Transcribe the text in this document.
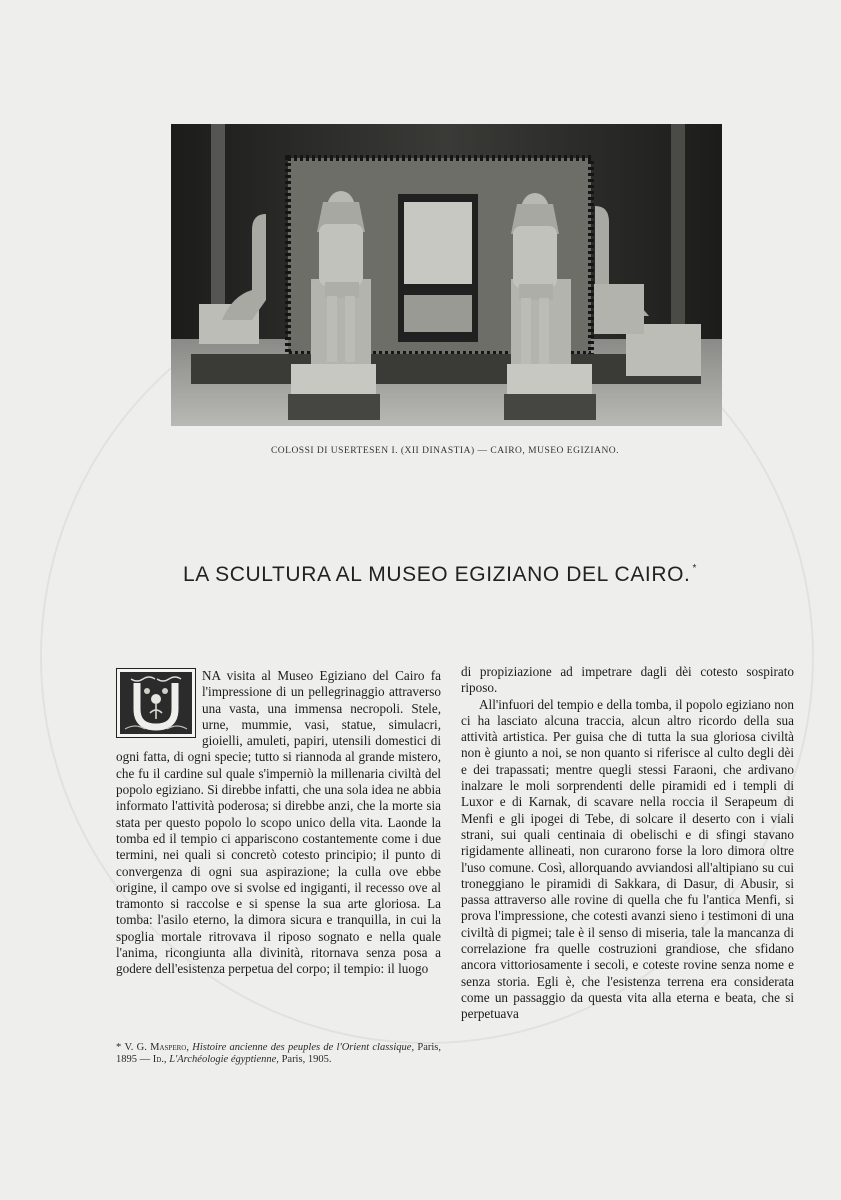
COLOSSI DI USERTESEN I. (XII DINASTIA) — CAIRO, MUSEO EGIZIANO.
LA SCULTURA AL MUSEO EGIZIANO DEL CAIRO. *

NA visita al Museo Egiziano del Cairo fa l'impressione di un pellegrinaggio attraverso una vasta, una immensa necropoli. Stele, urne, mummie, vasi, statue, simulacri, gioielli, amuleti, papiri, utensili domestici di ogni fatta, di ogni specie; tutto si riannoda al grande mistero, che fu il cardine sul quale s'imperniò la millenaria civiltà del popolo egiziano. Si direbbe infatti, che una sola idea ne abbia informato l'attività poderosa; si direbbe anzi, che la morte sia stata per questo popolo lo scopo unico della vita. Laonde la tomba ed il tempio ci appariscono costantemente come i due termini, nei quali si concretò cotesto principio; il punto di convergenza di ogni sua aspirazione; la culla ove ebbe origine, il campo ove si svolse ed ingiganti, il recesso ove al tramonto si raccolse e si spense la sua arte gloriosa. La tomba: l'asilo eterno, la dimora sicura e tranquilla, in cui la spoglia mortale ritrovava il riposo sognato e nella quale l'anima, ricongiunta alla divinità, ritornava senza posa a godere dell'esistenza perpetua del corpo; il tempio: il luogo

di propiziazione ad impetrare dagli dèi cotesto sospirato riposo.

All'infuori del tempio e della tomba, il popolo egiziano non ci ha lasciato alcuna traccia, alcun altro ricordo della sua attività artistica. Per guisa che di tutta la sua gloriosa civiltà non è giunto a noi, se non quanto si riferisce al culto degli dèi e dei trapassati; mentre quegli stessi Faraoni, che ardivano inalzare le moli sorprendenti delle piramidi ed i templi di Luxor e di Karnak, di scavare nella roccia il Serapeum di Menfi e gli ipogei di Tebe, di solcare il deserto con i viali strani, sui quali centinaia di obelischi e di sfingi stavano rigidamente allineati, non curarono forse la loro dimora oltre l'uso comune. Così, allorquando avviandosi all'altipiano su cui troneggiano le piramidi di Sakkara, di Dasur, di Abusir, si passa attraverso alle rovine di quella che fu l'antica Menfi, si prova l'impressione, che cotesti avanzi sieno i testimoni di una civiltà di pigmei; tale è il senso di miseria, tale la mancanza di correlazione fra quelle costruzioni grandiose, che sfidano ancora vittoriosamente i secoli, e coteste rovine senza nome e senza storia. Egli è, che l'esistenza terrena era considerata come un passaggio da questa vita alla eterna e beata, che si perpetuava

* V. G. Maspero, Histoire ancienne des peuples de l'Orient classique, Paris, 1895 — Id., L'Archéologie égyptienne, Paris, 1905.
